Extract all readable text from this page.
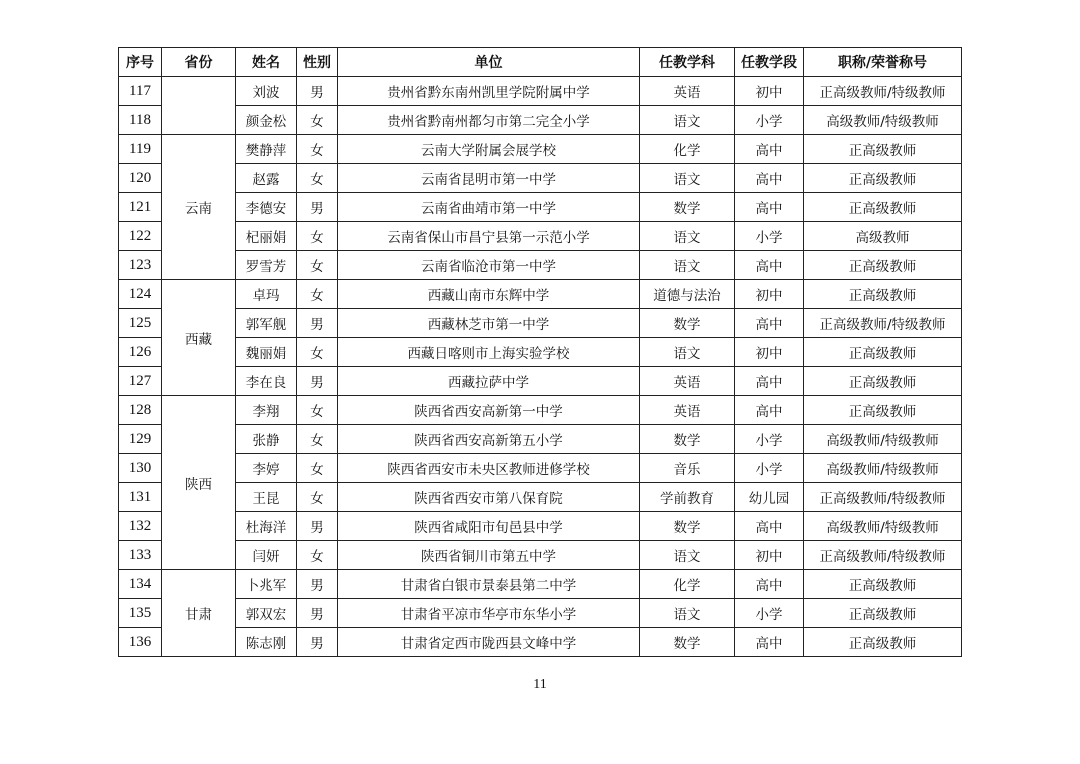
序号	省份	姓名	性别	单位	任教学科	任教学段	职称/荣誉称号
117		刘波	男	贵州省黔东南州凯里学院附属中学	英语	初中	正高级教师/特级教师
118		颜金松	女	贵州省黔南州都匀市第二完全小学	语文	小学	高级教师/特级教师
119	云南	樊静萍	女	云南大学附属会展学校	化学	高中	正高级教师
120		赵露	女	云南省昆明市第一中学	语文	高中	正高级教师
121		李德安	男	云南省曲靖市第一中学	数学	高中	正高级教师
122		杞丽娟	女	云南省保山市昌宁县第一示范小学	语文	小学	高级教师
123		罗雪芳	女	云南省临沧市第一中学	语文	高中	正高级教师
124	西藏	卓玛	女	西藏山南市东辉中学	道德与法治	初中	正高级教师
125		郭军舰	男	西藏林芝市第一中学	数学	高中	正高级教师/特级教师
126		魏丽娟	女	西藏日喀则市上海实验学校	语文	初中	正高级教师
127		李在良	男	西藏拉萨中学	英语	高中	正高级教师
128	陕西	李翔	女	陕西省西安高新第一中学	英语	高中	正高级教师
129		张静	女	陕西省西安高新第五小学	数学	小学	高级教师/特级教师
130		李婷	女	陕西省西安市未央区教师进修学校	音乐	小学	高级教师/特级教师
131		王昆	女	陕西省西安市第八保育院	学前教育	幼儿园	正高级教师/特级教师
132		杜海洋	男	陕西省咸阳市旬邑县中学	数学	高中	高级教师/特级教师
133		闫妍	女	陕西省铜川市第五中学	语文	初中	正高级教师/特级教师
134	甘肃	卜兆军	男	甘肃省白银市景泰县第二中学	化学	高中	正高级教师
135		郭双宏	男	甘肃省平凉市华亭市东华小学	语文	小学	正高级教师
136		陈志刚	男	甘肃省定西市陇西县文峰中学	数学	高中	正高级教师
11
